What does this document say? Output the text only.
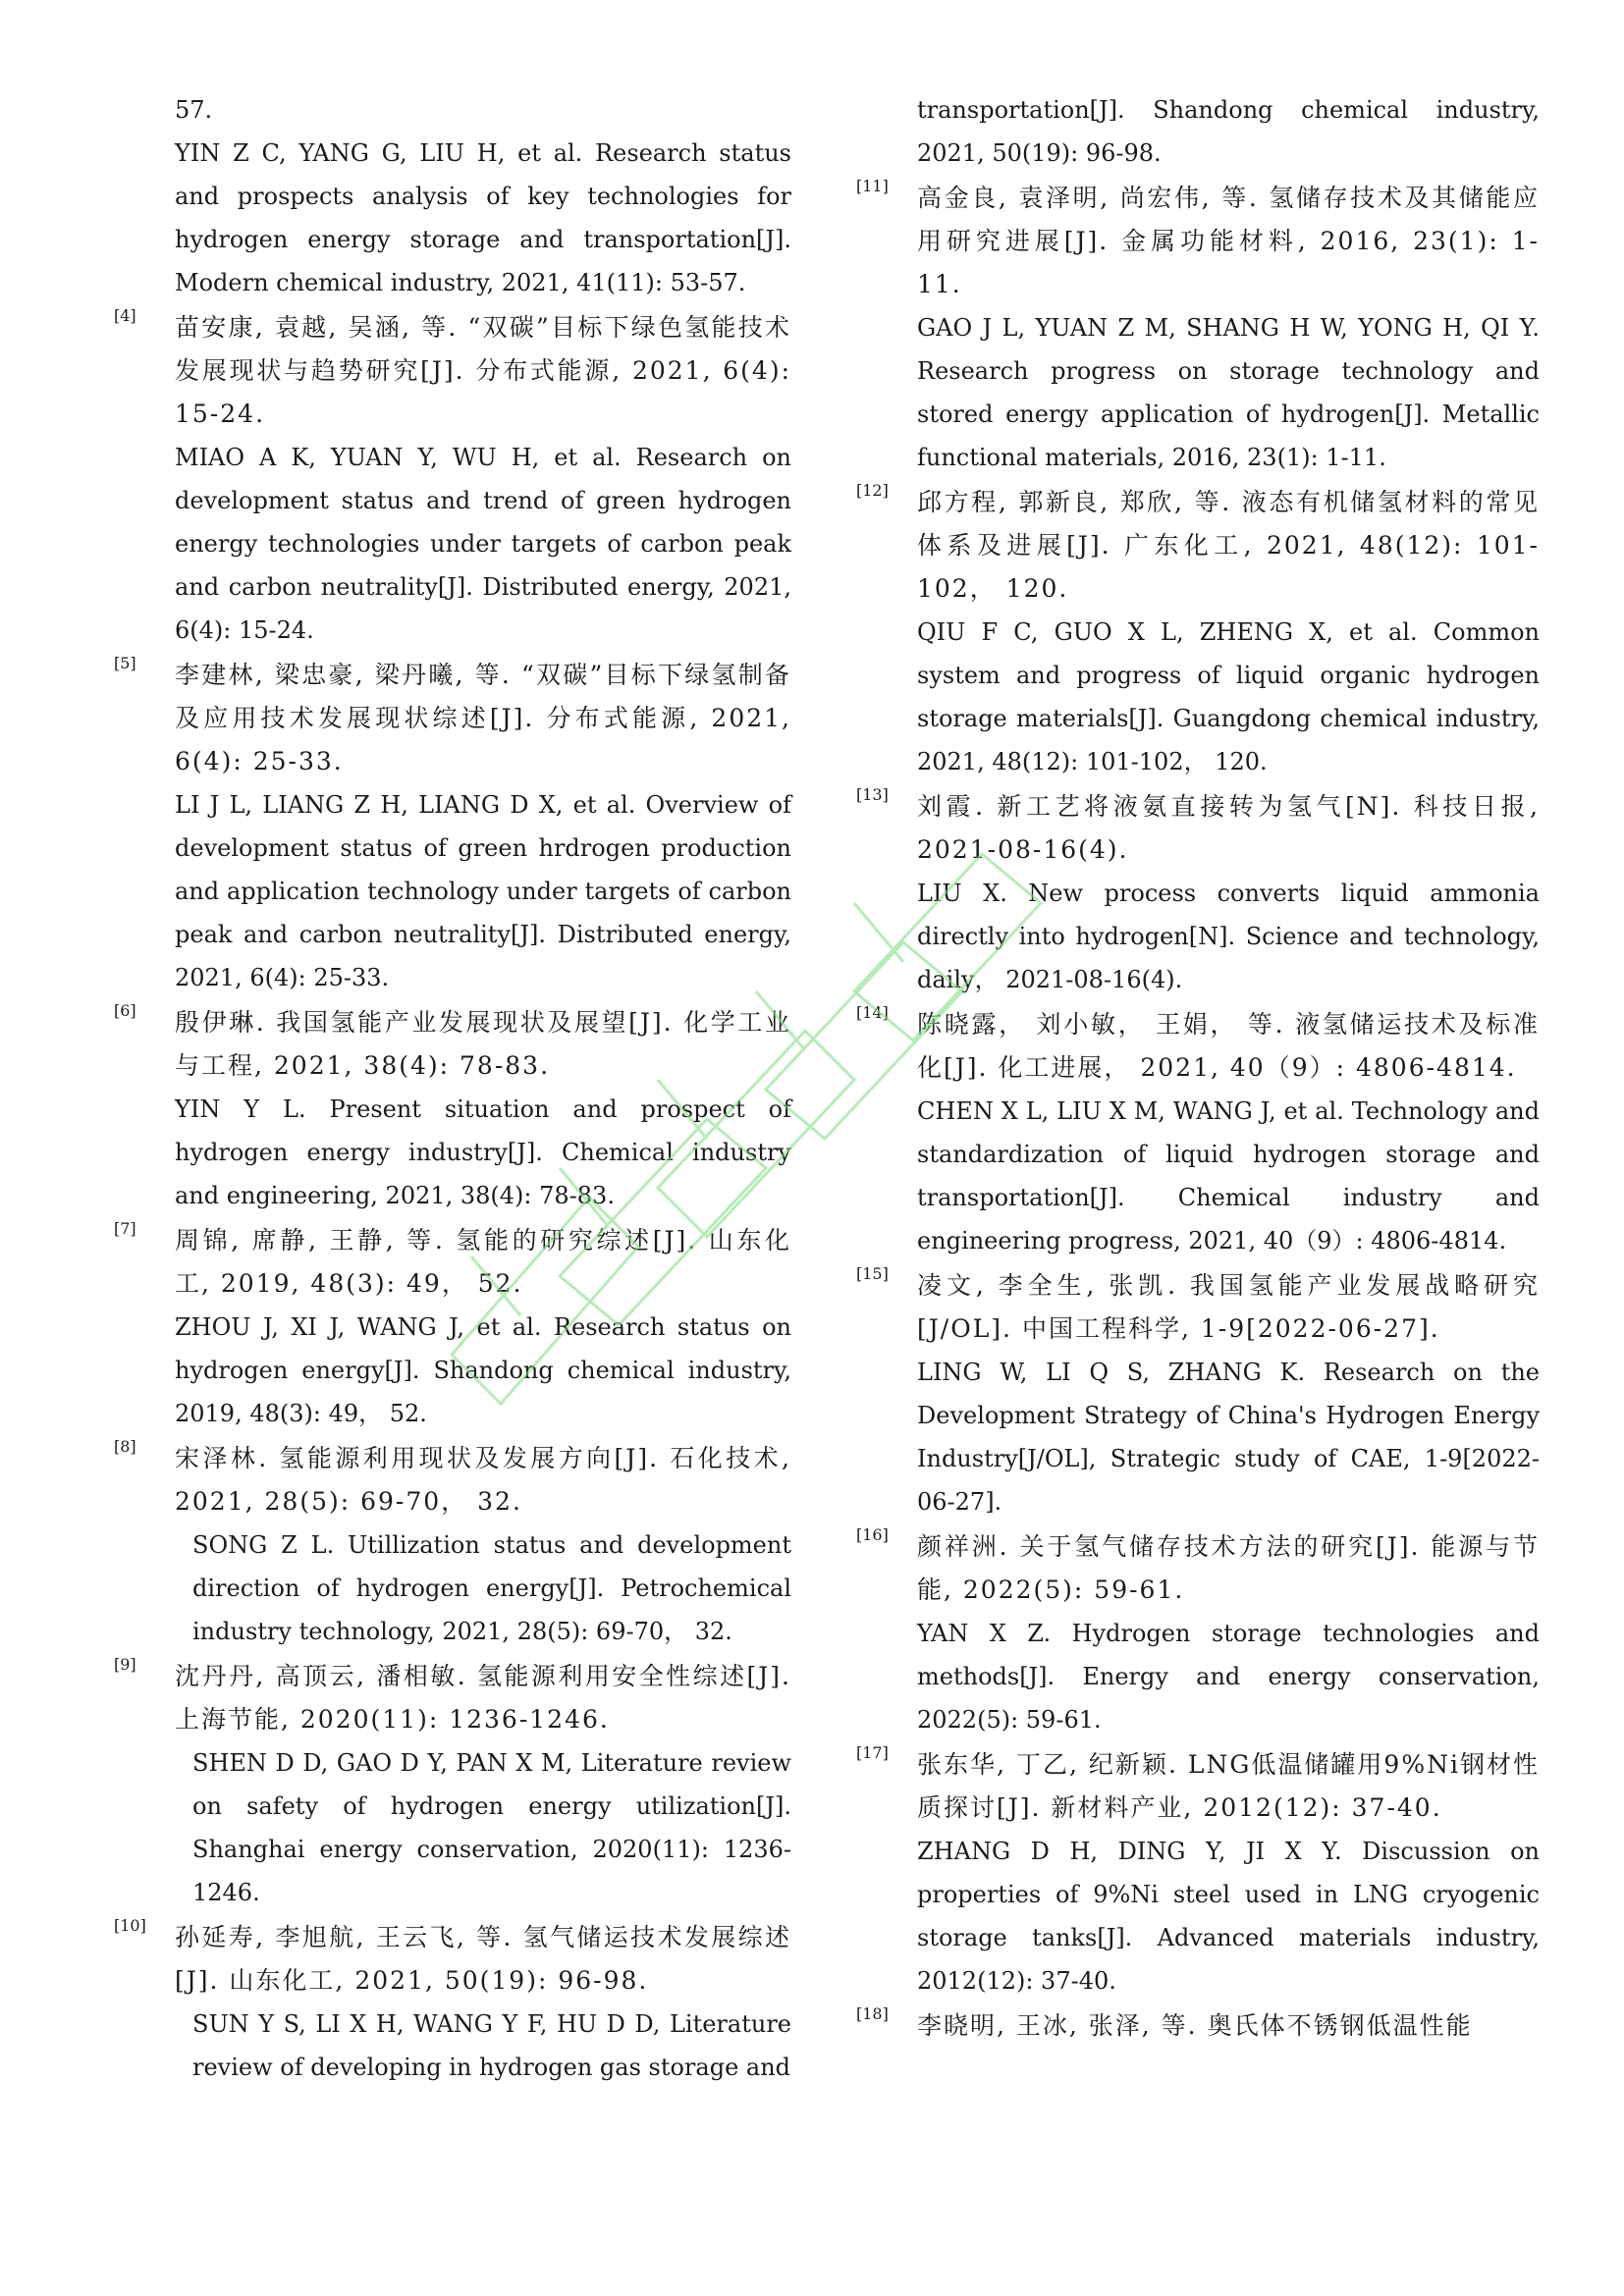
57.
YIN Z C, YANG G, LIU H, et al. Research status and prospects analysis of key technologies for hydrogen energy storage and transportation[J]. Modern chemical industry, 2021, 41(11): 53-57.
[4] 苗安康, 袁越, 吴涵, 等. “双碳”目标下绿色氢能技术发展现状与趋势研究[J]. 分布式能源, 2021, 6(4): 15-24.
MIAO A K, YUAN Y, WU H, et al. Research on development status and trend of green hydrogen energy technologies under targets of carbon peak and carbon neutrality[J]. Distributed energy, 2021, 6(4): 15-24.
[5] 李建林, 梁忠豪, 梁丹曦, 等. “双碳”目标下绿氢制备及应用技术发展现状综述[J]. 分布式能源, 2021, 6(4): 25-33.
LI J L, LIANG Z H, LIANG D X, et al. Overview of development status of green hrdrogen production and application technology under targets of carbon peak and carbon neutrality[J]. Distributed energy, 2021, 6(4): 25-33.
[6] 殷伊琳. 我国氢能产业发展现状及展望[J]. 化学工业与工程, 2021, 38(4): 78-83.
YIN Y L. Present situation and prospect of hydrogen energy industry[J]. Chemical industry and engineering, 2021, 38(4): 78-83.
[7] 周锦, 席静, 王静, 等. 氢能的研究综述[J]. 山东化工, 2019, 48(3): 49， 52.
ZHOU J, XI J, WANG J, et al. Research status on hydrogen energy[J]. Shandong chemical industry, 2019, 48(3): 49， 52.
[8] 宋泽林. 氢能源利用现状及发展方向[J]. 石化技术, 2021, 28(5): 69-70， 32.
SONG Z L. Utillization status and development direction of hydrogen energy[J]. Petrochemical industry technology, 2021, 28(5): 69-70， 32.
[9] 沈丹丹, 高顶云, 潘相敏. 氢能源利用安全性综述[J]. 上海节能, 2020(11): 1236-1246.
SHEN D D, GAO D Y, PAN X M, Literature review on safety of hydrogen energy utilization[J]. Shanghai energy conservation, 2020(11): 1236-1246.
[10] 孙延寿, 李旭航, 王云飞, 等. 氢气储运技术发展综述[J]. 山东化工, 2021, 50(19): 96-98.
SUN Y S, LI X H, WANG Y F, HU D D, Literature review of developing in hydrogen gas storage and
transportation[J]. Shandong chemical industry, 2021, 50(19): 96-98.
[11] 高金良, 袁泽明, 尚宏伟, 等. 氢储存技术及其储能应用研究进展[J]. 金属功能材料, 2016, 23(1): 1-11.
GAO J L, YUAN Z M, SHANG H W, YONG H, QI Y. Research progress on storage technology and stored energy application of hydrogen[J]. Metallic functional materials, 2016, 23(1): 1-11.
[12] 邱方程, 郭新良, 郑欣, 等. 液态有机储氢材料的常见体系及进展[J]. 广东化工, 2021, 48(12): 101-102， 120.
QIU F C, GUO X L, ZHENG X, et al. Common system and progress of liquid organic hydrogen storage materials[J]. Guangdong chemical industry, 2021, 48(12): 101-102， 120.
[13] 刘霞. 新工艺将液氨直接转为氢气[N]. 科技日报, 2021-08-16(4).
LIU X. New process converts liquid ammonia directly into hydrogen[N]. Science and technology, daily， 2021-08-16(4).
[14] 陈晓露， 刘小敏， 王娟， 等. 液氢储运技术及标准化[J]. 化工进展， 2021, 40（9）: 4806-4814.
CHEN X L, LIU X M, WANG J, et al. Technology and standardization of liquid hydrogen storage and transportation[J]. Chemical industry and engineering progress, 2021, 40（9）: 4806-4814.
[15] 凌文, 李全生, 张凯. 我国氢能产业发展战略研究[J/OL]. 中国工程科学, 1-9[2022-06-27].
LING W, LI Q S, ZHANG K. Research on the Development Strategy of China's Hydrogen Energy Industry[J/OL], Strategic study of CAE, 1-9[2022-06-27].
[16] 颜祥洲. 关于氢气储存技术方法的研究[J]. 能源与节能, 2022(5): 59-61.
YAN X Z. Hydrogen storage technologies and methods[J]. Energy and energy conservation, 2022(5): 59-61.
[17] 张东华, 丁乙, 纪新颖. LNG低温储罐用9%Ni钢材性质探讨[J]. 新材料产业, 2012(12): 37-40.
ZHANG D H, DING Y, JI X Y. Discussion on properties of 9%Ni steel used in LNG cryogenic storage tanks[J]. Advanced materials industry, 2012(12): 37-40.
[18] 李晓明, 王冰, 张泽, 等. 奥氏体不锈钢低温性能
